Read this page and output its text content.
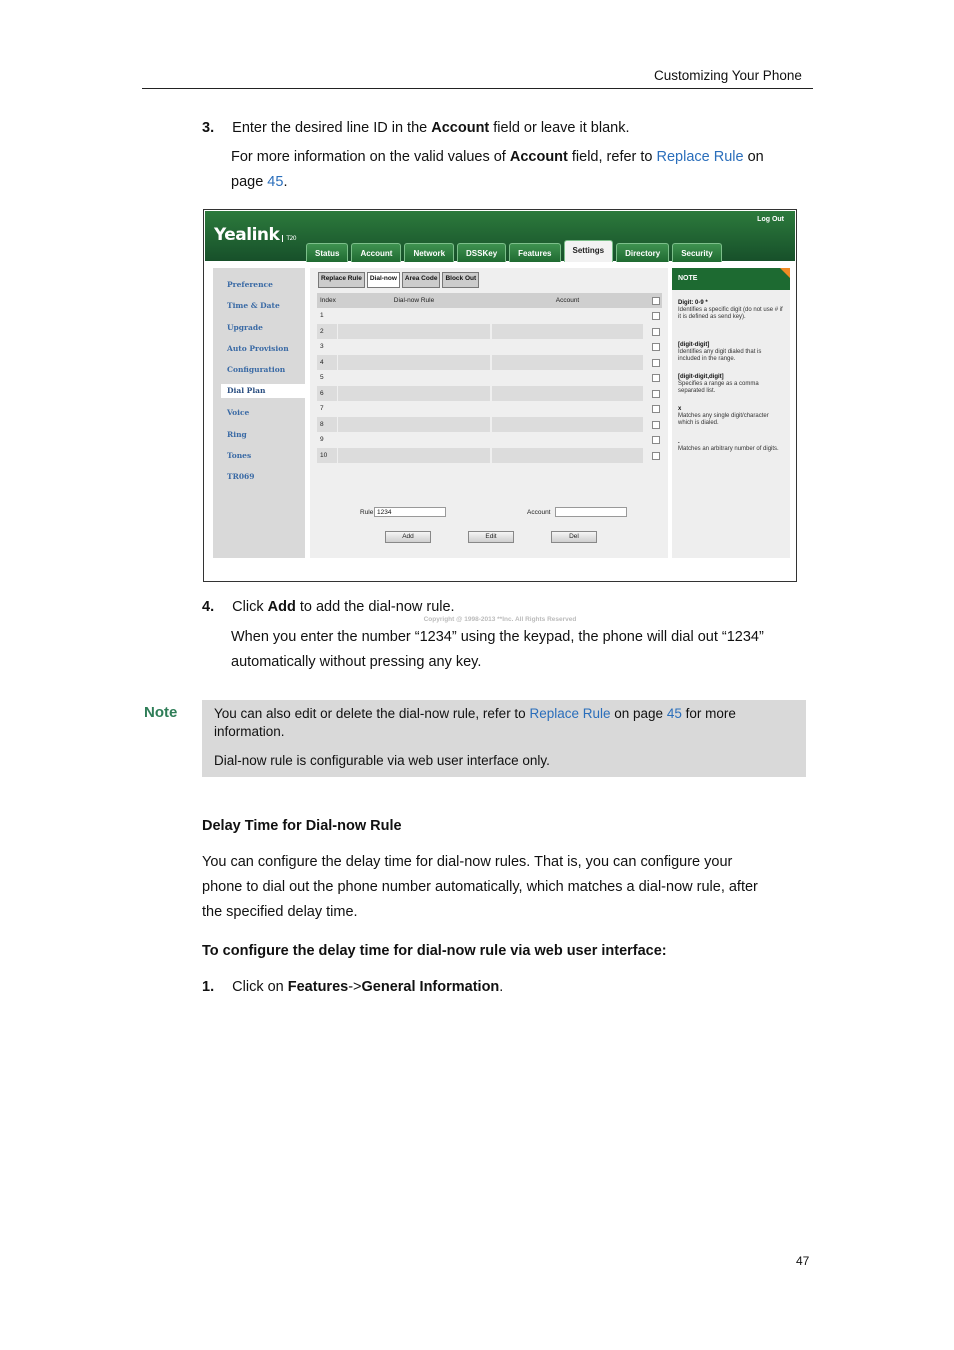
Customizing Your Phone
3. Enter the desired line ID in the Account field or leave it blank.
For more information on the valid values of Account field, refer to Replace Rule on
page 45.
Yealink T20
Log Out
Status	Account	Network	DSSKey	Features	Settings	Directory	Security
Preference
Time & Date
Upgrade
Auto Provision
Configuration
Dial Plan
Voice
Ring
Tones
TR069
Replace Rule	Dial-now	Area Code	Block Out
Index	Dial-now Rule	Account
1
2
3
4
5
6
7
8
9
10
Rule 1234	Account
Add	Edit	Del
NOTE
Digit: 0-9 *
Identifies a specific digit (do not use # if it is defined as send key).
[digit-digit]
Identifies any digit dialed that is included in the range.
[digit-digit,digit]
Specifies a range as a comma separated list.
x
Matches any single digit/character which is dialed.
.
Matches an arbitrary number of digits.
Copyright @ 1998-2013 **Inc. All Rights Reserved
4. Click Add to add the dial-now rule.
When you enter the number “1234” using the keypad, the phone will dial out “1234”
automatically without pressing any key.
Note	You can also edit or delete the dial-now rule, refer to Replace Rule on page 45 for more
information.
Dial-now rule is configurable via web user interface only.
Delay Time for Dial-now Rule
You can configure the delay time for dial-now rules. That is, you can configure your
phone to dial out the phone number automatically, which matches a dial-now rule, after
the specified delay time.
To configure the delay time for dial-now rule via web user interface:
1. Click on Features->General Information.
47
